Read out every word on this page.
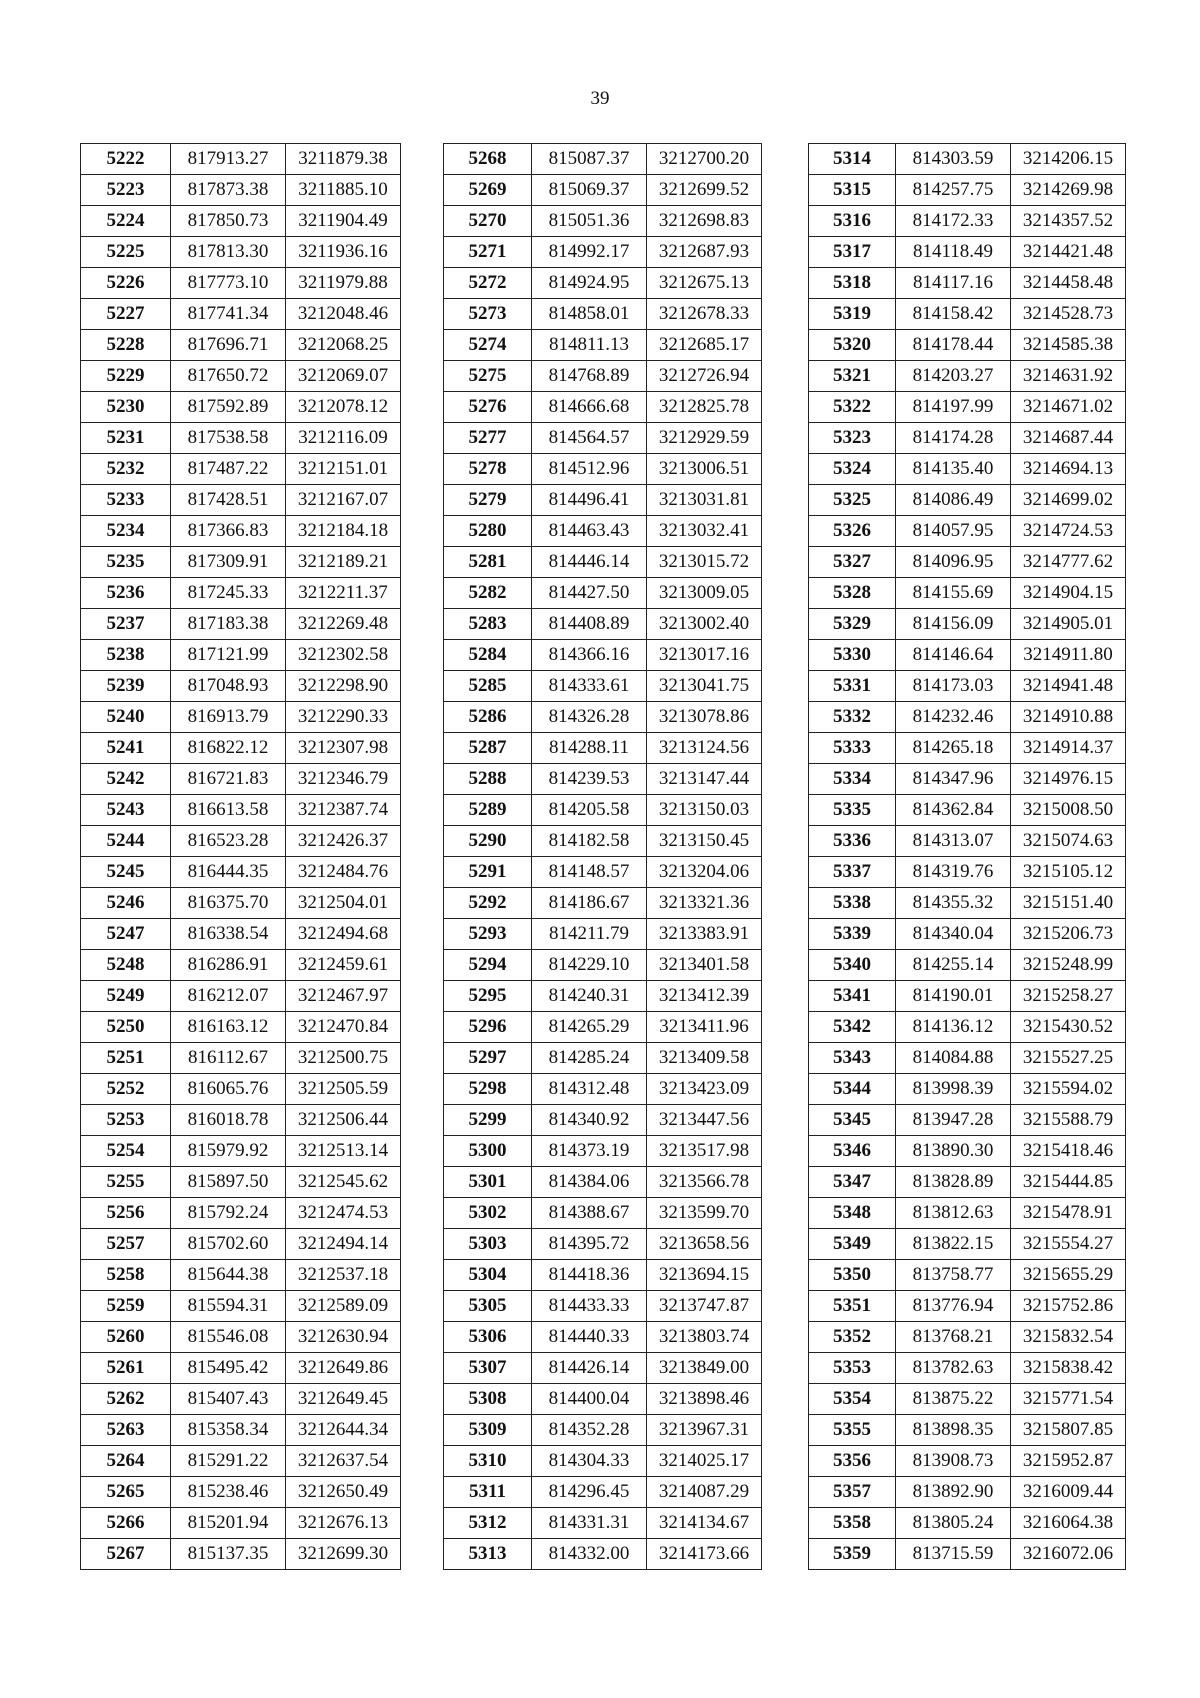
39
5222	817913.27	3211879.38
5223	817873.38	3211885.10
5224	817850.73	3211904.49
5225	817813.30	3211936.16
5226	817773.10	3211979.88
5227	817741.34	3212048.46
5228	817696.71	3212068.25
5229	817650.72	3212069.07
5230	817592.89	3212078.12
5231	817538.58	3212116.09
5232	817487.22	3212151.01
5233	817428.51	3212167.07
5234	817366.83	3212184.18
5235	817309.91	3212189.21
5236	817245.33	3212211.37
5237	817183.38	3212269.48
5238	817121.99	3212302.58
5239	817048.93	3212298.90
5240	816913.79	3212290.33
5241	816822.12	3212307.98
5242	816721.83	3212346.79
5243	816613.58	3212387.74
5244	816523.28	3212426.37
5245	816444.35	3212484.76
5246	816375.70	3212504.01
5247	816338.54	3212494.68
5248	816286.91	3212459.61
5249	816212.07	3212467.97
5250	816163.12	3212470.84
5251	816112.67	3212500.75
5252	816065.76	3212505.59
5253	816018.78	3212506.44
5254	815979.92	3212513.14
5255	815897.50	3212545.62
5256	815792.24	3212474.53
5257	815702.60	3212494.14
5258	815644.38	3212537.18
5259	815594.31	3212589.09
5260	815546.08	3212630.94
5261	815495.42	3212649.86
5262	815407.43	3212649.45
5263	815358.34	3212644.34
5264	815291.22	3212637.54
5265	815238.46	3212650.49
5266	815201.94	3212676.13
5267	815137.35	3212699.30
5268	815087.37	3212700.20
5269	815069.37	3212699.52
5270	815051.36	3212698.83
5271	814992.17	3212687.93
5272	814924.95	3212675.13
5273	814858.01	3212678.33
5274	814811.13	3212685.17
5275	814768.89	3212726.94
5276	814666.68	3212825.78
5277	814564.57	3212929.59
5278	814512.96	3213006.51
5279	814496.41	3213031.81
5280	814463.43	3213032.41
5281	814446.14	3213015.72
5282	814427.50	3213009.05
5283	814408.89	3213002.40
5284	814366.16	3213017.16
5285	814333.61	3213041.75
5286	814326.28	3213078.86
5287	814288.11	3213124.56
5288	814239.53	3213147.44
5289	814205.58	3213150.03
5290	814182.58	3213150.45
5291	814148.57	3213204.06
5292	814186.67	3213321.36
5293	814211.79	3213383.91
5294	814229.10	3213401.58
5295	814240.31	3213412.39
5296	814265.29	3213411.96
5297	814285.24	3213409.58
5298	814312.48	3213423.09
5299	814340.92	3213447.56
5300	814373.19	3213517.98
5301	814384.06	3213566.78
5302	814388.67	3213599.70
5303	814395.72	3213658.56
5304	814418.36	3213694.15
5305	814433.33	3213747.87
5306	814440.33	3213803.74
5307	814426.14	3213849.00
5308	814400.04	3213898.46
5309	814352.28	3213967.31
5310	814304.33	3214025.17
5311	814296.45	3214087.29
5312	814331.31	3214134.67
5313	814332.00	3214173.66
5314	814303.59	3214206.15
5315	814257.75	3214269.98
5316	814172.33	3214357.52
5317	814118.49	3214421.48
5318	814117.16	3214458.48
5319	814158.42	3214528.73
5320	814178.44	3214585.38
5321	814203.27	3214631.92
5322	814197.99	3214671.02
5323	814174.28	3214687.44
5324	814135.40	3214694.13
5325	814086.49	3214699.02
5326	814057.95	3214724.53
5327	814096.95	3214777.62
5328	814155.69	3214904.15
5329	814156.09	3214905.01
5330	814146.64	3214911.80
5331	814173.03	3214941.48
5332	814232.46	3214910.88
5333	814265.18	3214914.37
5334	814347.96	3214976.15
5335	814362.84	3215008.50
5336	814313.07	3215074.63
5337	814319.76	3215105.12
5338	814355.32	3215151.40
5339	814340.04	3215206.73
5340	814255.14	3215248.99
5341	814190.01	3215258.27
5342	814136.12	3215430.52
5343	814084.88	3215527.25
5344	813998.39	3215594.02
5345	813947.28	3215588.79
5346	813890.30	3215418.46
5347	813828.89	3215444.85
5348	813812.63	3215478.91
5349	813822.15	3215554.27
5350	813758.77	3215655.29
5351	813776.94	3215752.86
5352	813768.21	3215832.54
5353	813782.63	3215838.42
5354	813875.22	3215771.54
5355	813898.35	3215807.85
5356	813908.73	3215952.87
5357	813892.90	3216009.44
5358	813805.24	3216064.38
5359	813715.59	3216072.06
